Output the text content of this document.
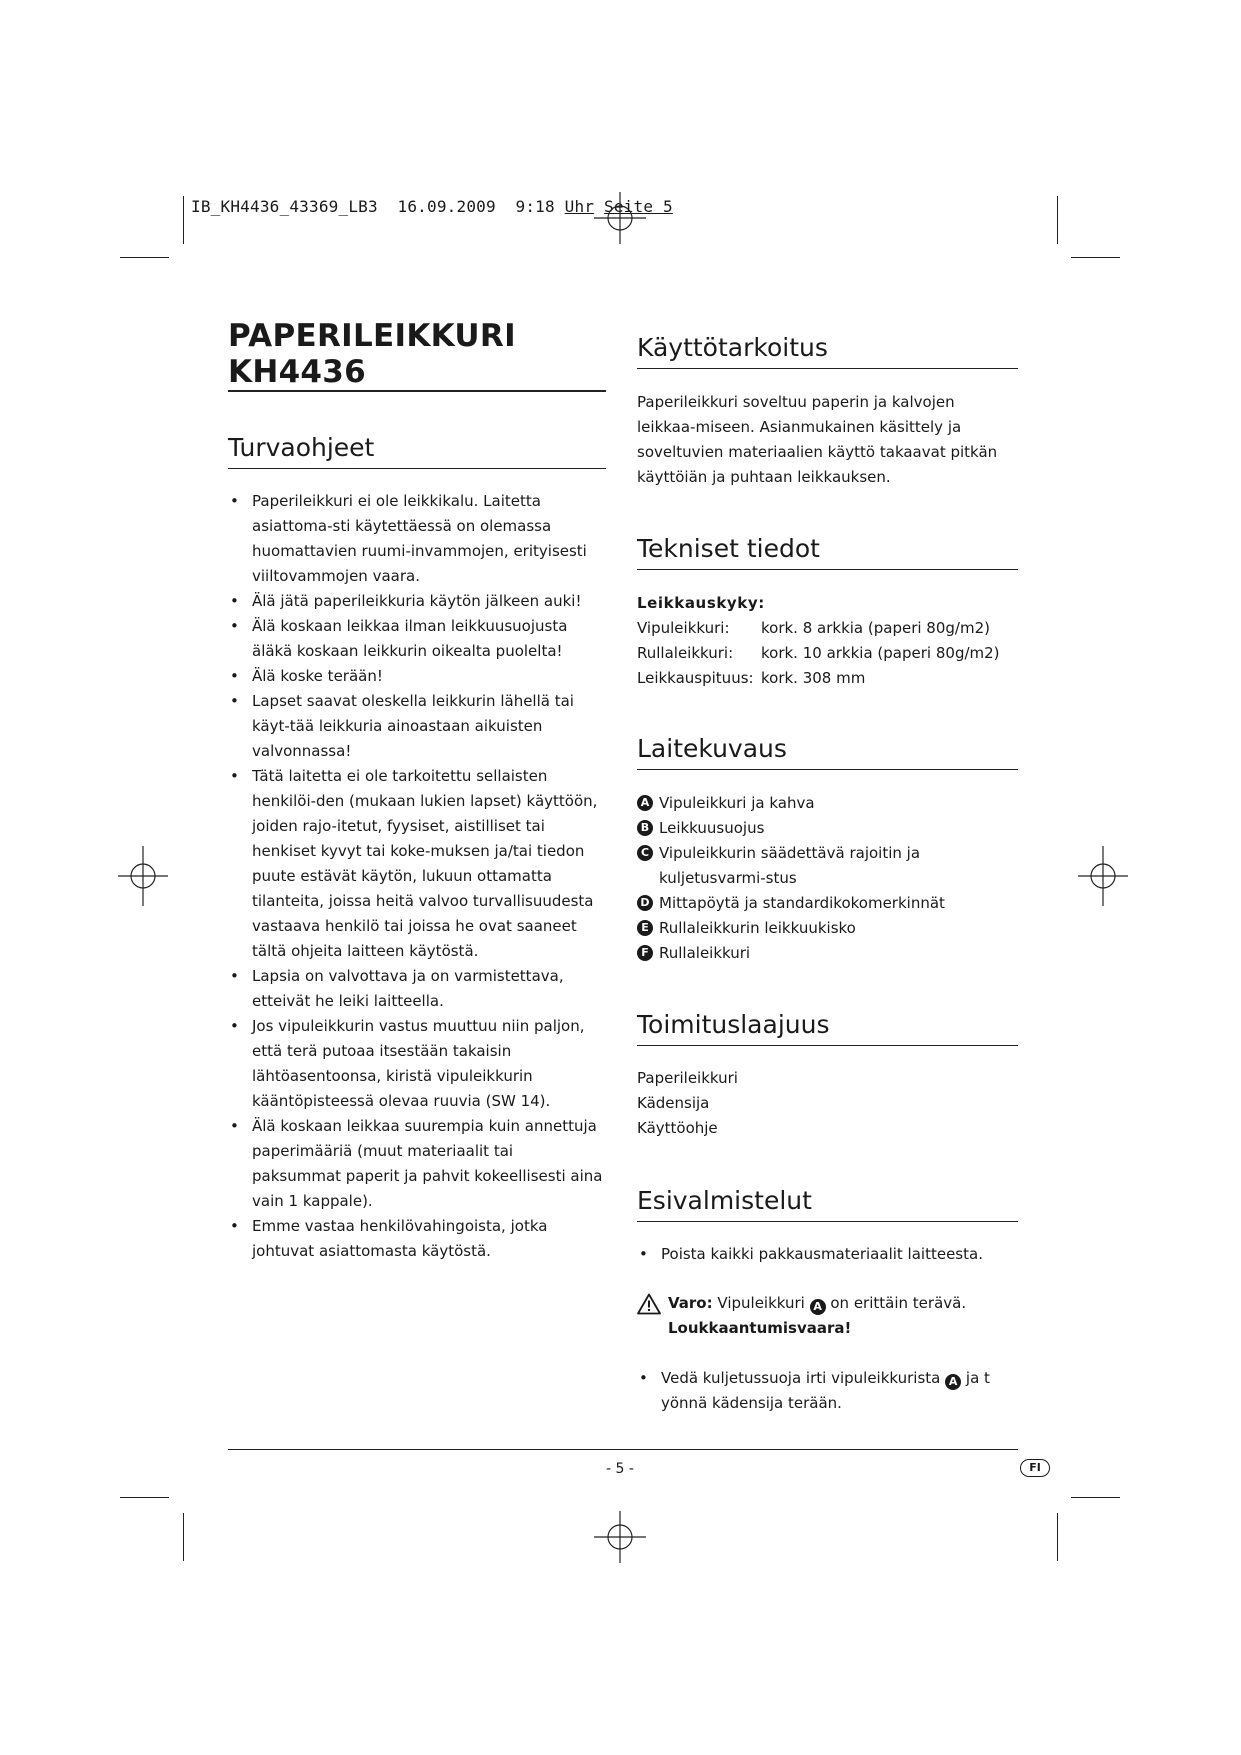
IB_KH4436_43369_LB3  16.09.2009  9:18 Uhr Seite 5
PAPERILEIKKURI
KH4436
Turvaohjeet
• Paperileikkuri ei ole leikkikalu. Laitetta asiattoma-sti käytettäessä on olemassa huomattavien ruumi-invammojen, erityisesti viiltovammojen vaara.
• Älä jätä paperileikkuria käytön jälkeen auki!
• Älä koskaan leikkaa ilman leikkuusuojusta äläkä koskaan leikkurin oikealta puolelta!
• Älä koske terään!
• Lapset saavat oleskella leikkurin lähellä tai käyt-tää leikkuria ainoastaan aikuisten valvonnassa!
• Tätä laitetta ei ole tarkoitettu sellaisten henkilöi-den (mukaan lukien lapset) käyttöön, joiden rajo-itetut, fyysiset, aistilliset tai henkiset kyvyt tai koke-muksen ja/tai tiedon puute estävät käytön, lukuun ottamatta tilanteita, joissa heitä valvoo turvallisuudesta vastaava henkilö tai joissa he ovat saaneet tältä ohjeita laitteen käytöstä.
• Lapsia on valvottava ja on varmistettava, etteivät he leiki laitteella.
• Jos vipuleikkurin vastus muuttuu niin paljon, että terä putoaa itsestään takaisin lähtöasentoonsa, kiristä vipuleikkurin kääntöpisteessä olevaa ruuvia (SW 14).
• Älä koskaan leikkaa suurempia kuin annettuja paperimääriä (muut materiaalit tai paksummat paperit ja pahvit kokeellisesti aina vain 1 kappale).
• Emme vastaa henkilövahingoista, jotka johtuvat asiattomasta käytöstä.
Käyttötarkoitus
Paperileikkuri soveltuu paperin ja kalvojen leikkaa-miseen. Asianmukainen käsittely ja soveltuvien materiaalien käyttö takaavat pitkän käyttöiän ja puhtaan leikkauksen.
Tekniset tiedot
Leikkauskyky:
Vipuleikkuri:	kork. 8 arkkia (paperi 80g/m2)
Rullaleikkuri:	kork. 10 arkkia (paperi 80g/m2)
Leikkauspituus: kork. 308 mm
Laitekuvaus
A Vipuleikkuri ja kahva
B Leikkuusuojus
C Vipuleikkurin säädettävä rajoitin ja kuljetusvarmi-stus
D Mittapöytä ja standardikokomerkinnät
E Rullaleikkurin leikkuukisko
F Rullaleikkuri
Toimituslaajuus
Paperileikkuri
Kädensija
Käyttöohje
Esivalmistelut
• Poista kaikki pakkausmateriaalit laitteesta.
Varo: Vipuleikkuri A on erittäin terävä.
Loukkaantumisvaara!
• Vedä kuljetussuoja irti vipuleikkurista A ja t yönnä kädensija terään.
- 5 -	FI
